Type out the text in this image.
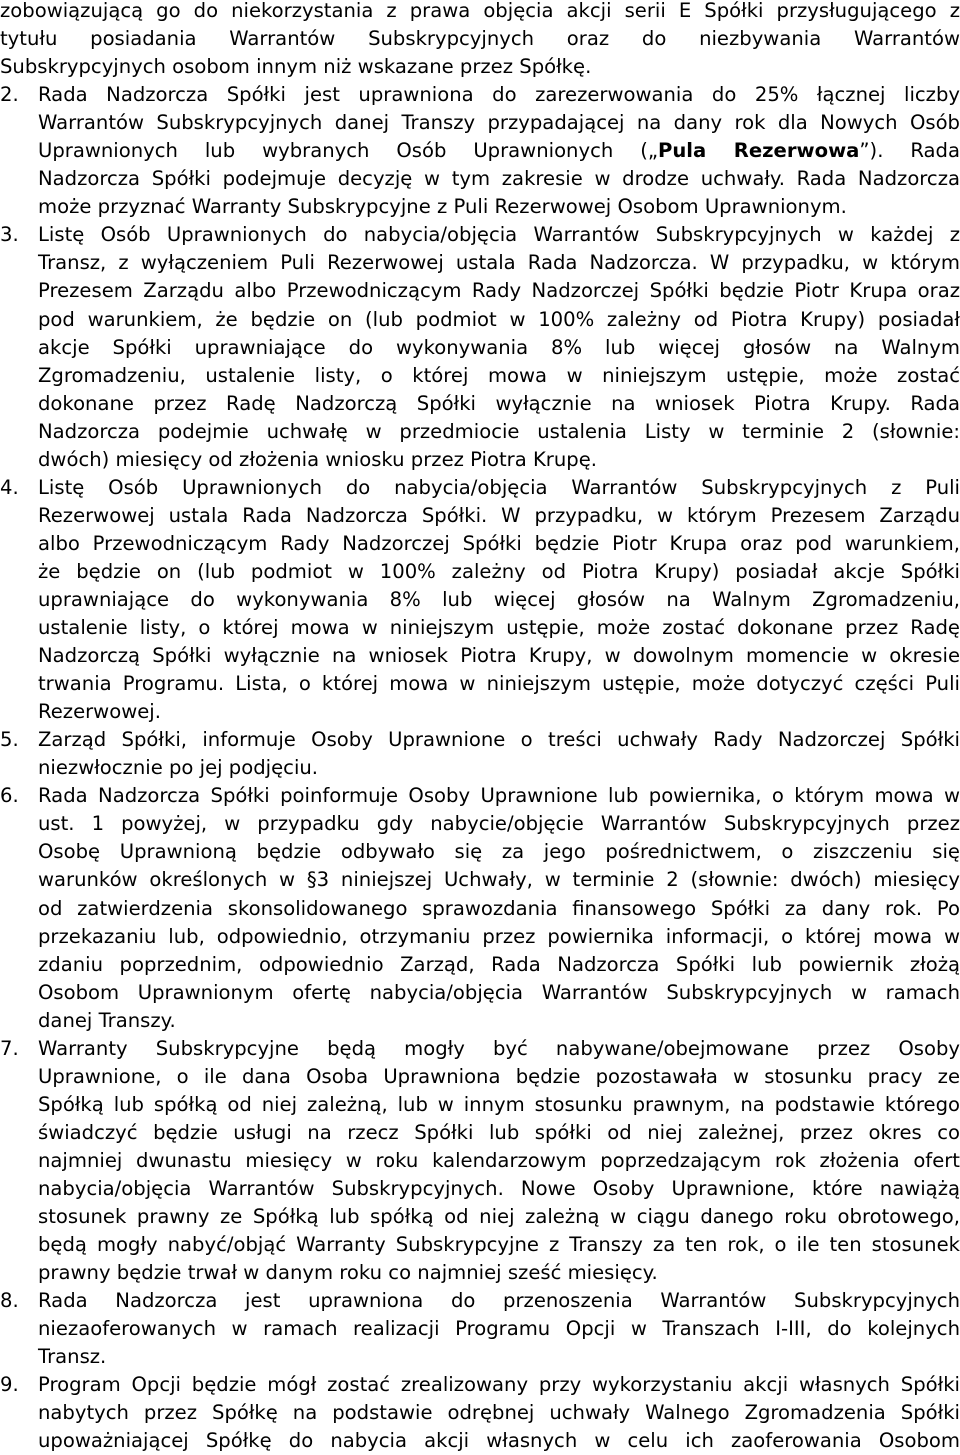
zobowiązującą go do niekorzystania z prawa objęcia akcji serii E Spółki przysługującego z

tytułu posiadania Warrantów Subskrypcyjnych oraz do niezbywania Warrantów

Subskrypcyjnych osobom innym niż wskazane przez Spółkę.

2. Rada Nadzorcza Spółki jest uprawniona do zarezerwowania do 25% łącznej liczby

Warrantów Subskrypcyjnych danej Transzy przypadającej na dany rok dla Nowych Osób

Uprawnionych lub wybranych Osób Uprawnionych („Pula Rezerwowa”). Rada

Nadzorcza Spółki podejmuje decyzję w tym zakresie w drodze uchwały. Rada Nadzorcza

może przyznać Warranty Subskrypcyjne z Puli Rezerwowej Osobom Uprawnionym.

3. Listę Osób Uprawnionych do nabycia/objęcia Warrantów Subskrypcyjnych w każdej z

Transz, z wyłączeniem Puli Rezerwowej ustala Rada Nadzorcza. W przypadku, w którym

Prezesem Zarządu albo Przewodniczącym Rady Nadzorczej Spółki będzie Piotr Krupa oraz

pod warunkiem, że będzie on (lub podmiot w 100% zależny od Piotra Krupy) posiadał

akcje Spółki uprawniające do wykonywania 8% lub więcej głosów na Walnym

Zgromadzeniu, ustalenie listy, o której mowa w niniejszym ustępie, może zostać

dokonane przez Radę Nadzorczą Spółki wyłącznie na wniosek Piotra Krupy. Rada

Nadzorcza podejmie uchwałę w przedmiocie ustalenia Listy w terminie 2 (słownie:

dwóch) miesięcy od złożenia wniosku przez Piotra Krupę.

4. Listę Osób Uprawnionych do nabycia/objęcia Warrantów Subskrypcyjnych z Puli

Rezerwowej ustala Rada Nadzorcza Spółki. W przypadku, w którym Prezesem Zarządu

albo Przewodniczącym Rady Nadzorczej Spółki będzie Piotr Krupa oraz pod warunkiem,

że będzie on (lub podmiot w 100% zależny od Piotra Krupy) posiadał akcje Spółki

uprawniające do wykonywania 8% lub więcej głosów na Walnym Zgromadzeniu,

ustalenie listy, o której mowa w niniejszym ustępie, może zostać dokonane przez Radę

Nadzorczą Spółki wyłącznie na wniosek Piotra Krupy, w dowolnym momencie w okresie

trwania Programu. Lista, o której mowa w niniejszym ustępie, może dotyczyć części Puli

Rezerwowej.

5. Zarząd Spółki, informuje Osoby Uprawnione o treści uchwały Rady Nadzorczej Spółki

niezwłocznie po jej podjęciu.

6. Rada Nadzorcza Spółki poinformuje Osoby Uprawnione lub powiernika, o którym mowa w

ust. 1 powyżej, w przypadku gdy nabycie/objęcie Warrantów Subskrypcyjnych przez

Osobę Uprawnioną będzie odbywało się za jego pośrednictwem, o ziszczeniu się

warunków określonych w §3 niniejszej Uchwały, w terminie 2 (słownie: dwóch) miesięcy

od zatwierdzenia skonsolidowanego sprawozdania finansowego Spółki za dany rok. Po

przekazaniu lub, odpowiednio, otrzymaniu przez powiernika informacji, o której mowa w

zdaniu poprzednim, odpowiednio Zarząd, Rada Nadzorcza Spółki lub powiernik złożą

Osobom Uprawnionym ofertę nabycia/objęcia Warrantów Subskrypcyjnych w ramach

danej Transzy.

7. Warranty Subskrypcyjne będą mogły być nabywane/obejmowane przez Osoby

Uprawnione, o ile dana Osoba Uprawniona będzie pozostawała w stosunku pracy ze

Spółką lub spółką od niej zależną, lub w innym stosunku prawnym, na podstawie którego

świadczyć będzie usługi na rzecz Spółki lub spółki od niej zależnej, przez okres co

najmniej dwunastu miesięcy w roku kalendarzowym poprzedzającym rok złożenia ofert

nabycia/objęcia Warrantów Subskrypcyjnych. Nowe Osoby Uprawnione, które nawiążą

stosunek prawny ze Spółką lub spółką od niej zależną w ciągu danego roku obrotowego,

będą mogły nabyć/objąć Warranty Subskrypcyjne z Transzy za ten rok, o ile ten stosunek

prawny będzie trwał w danym roku co najmniej sześć miesięcy.

8. Rada Nadzorcza jest uprawniona do przenoszenia Warrantów Subskrypcyjnych

niezaoferowanych w ramach realizacji Programu Opcji w Transzach I-III, do kolejnych

Transz.

9. Program Opcji będzie mógł zostać zrealizowany przy wykorzystaniu akcji własnych Spółki

nabytych przez Spółkę na podstawie odrębnej uchwały Walnego Zgromadzenia Spółki

upoważniającej Spółkę do nabycia akcji własnych w celu ich zaoferowania Osobom
